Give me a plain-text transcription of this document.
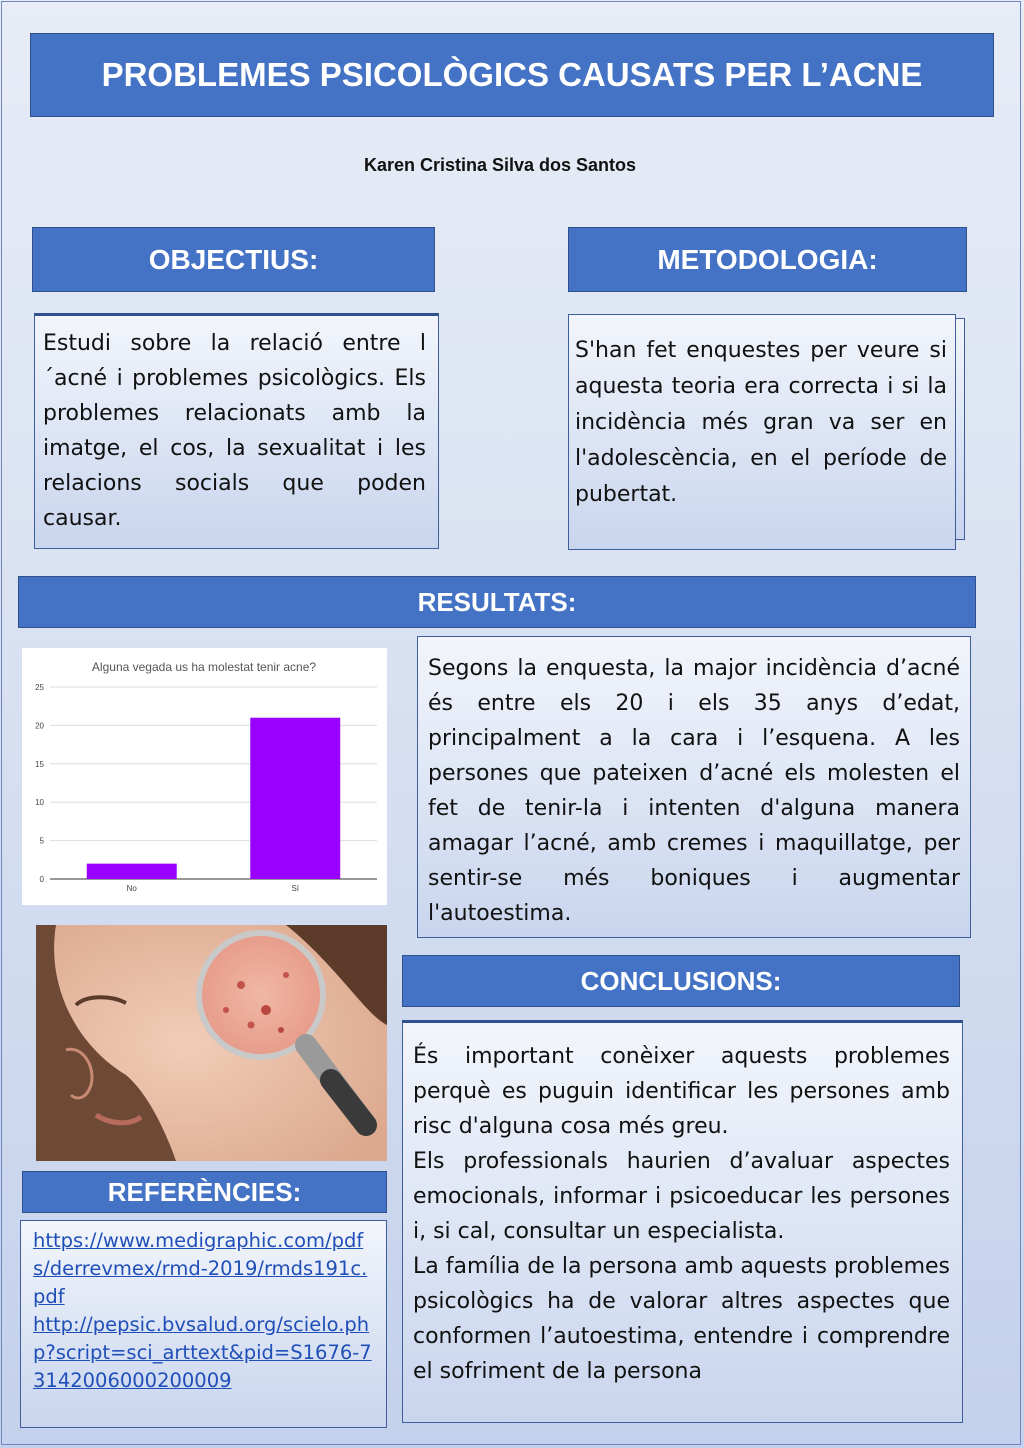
PROBLEMES PSICOLÒGICS CAUSATS PER L’ACNE
Karen Cristina Silva dos Santos
OBJECTIUS:

Estudi sobre la relació entre l´acné i problemes psicològics. Els problemes relacionats amb la imatge, el cos, la sexualitat i les relacions socials que poden causar.

METODOLOGIA:

S'han fet enquestes per veure si aquesta teoria era correcta i si la incidència més gran va ser en l'adolescència, en el període de pubertat.

RESULTATS:
Alguna vegada us ha molestat tenir acne?
0
5
10
15
20
25
No	Sí

Segons la enquesta, la major incidència d’acné és entre els 20 i els 35 anys d’edat, principalment a la cara i l’esquena. A les persones que pateixen d’acné els molesten el fet de tenir-la i intenten d'alguna manera amagar l’acné, amb cremes i maquillatge, per sentir-se més boniques i augmentar l'autoestima.

CONCLUSIONS:

És important conèixer aquests problemes perquè es puguin identificar les persones amb risc d'alguna cosa més greu.

Els professionals haurien d’avaluar aspectes emocionals, informar i psicoeducar les persones i, si cal, consultar un especialista.

La família de la persona amb aquests problemes psicològics ha de valorar altres aspectes que conformen l’autoestima, entendre i comprendre el sofriment de la persona

REFERÈNCIES:
https://www.medigraphic.com/pdfs/derrevmex/rmd-2019/rmds191c.pdf
http://pepsic.bvsalud.org/scielo.php?script=sci_arttext&pid=S1676-73142006000200009
